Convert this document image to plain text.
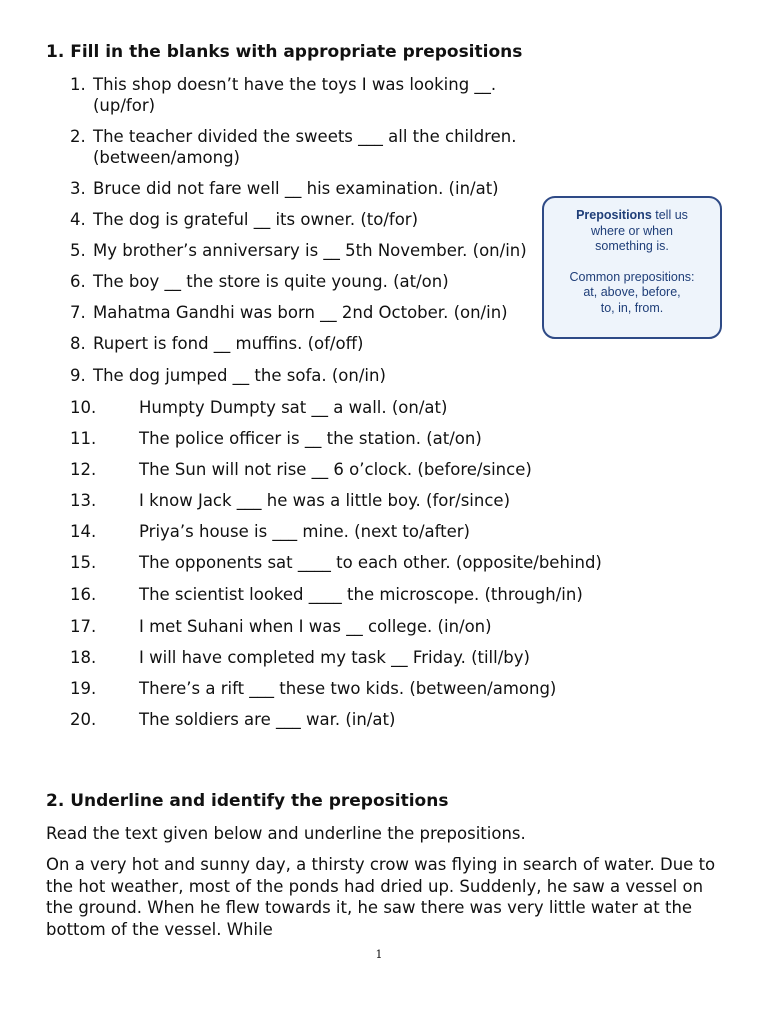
1. Fill in the blanks with appropriate prepositions
1. This shop doesn’t have the toys I was looking __. (up/for)
2. The teacher divided the sweets ___ all the children. (between/among)
3. Bruce did not fare well __ his examination. (in/at)
4. The dog is grateful __ its owner. (to/for)
5. My brother’s anniversary is __ 5th November. (on/in)
6. The boy __ the store is quite young. (at/on)
7. Mahatma Gandhi was born __ 2nd October. (on/in)
8. Rupert is fond __ muffins. (of/off)
9. The dog jumped __ the sofa. (on/in)
10.	Humpty Dumpty sat __ a wall. (on/at)
11.	The police officer is __ the station. (at/on)
12.	The Sun will not rise __ 6 o’clock. (before/since)
13.	I know Jack ___ he was a little boy. (for/since)
14.	Priya’s house is ___ mine. (next to/after)
15.	The opponents sat ____ to each other. (opposite/behind)
16.	The scientist looked ____ the microscope. (through/in)
17.	I met Suhani when I was __ college. (in/on)
18.	I will have completed my task __ Friday. (till/by)
19.	There’s a rift ___ these two kids. (between/among)
20.	The soldiers are ___ war. (in/at)
Prepositions tell us
where or when
something is.
Common prepositions:
at, above, before,
to, in, from.
2. Underline and identify the prepositions

Read the text given below and underline the prepositions.

On a very hot and sunny day, a thirsty crow was flying in search of water. Due to the hot weather, most of the ponds had dried up. Suddenly, he saw a vessel on the ground. When he flew towards it, he saw there was very little water at the bottom of the vessel. While

1
